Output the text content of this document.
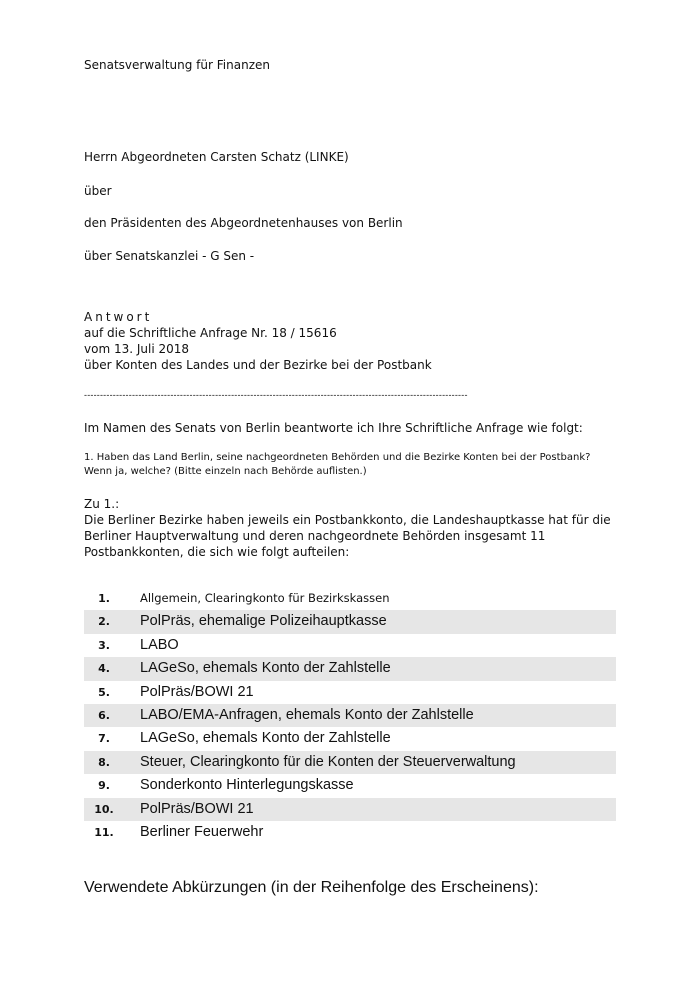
Senatsverwaltung für Finanzen
Herrn Abgeordneten Carsten Schatz (LINKE)
über
den Präsidenten des Abgeordnetenhauses von Berlin
über Senatskanzlei - G Sen -
Antwort
auf die Schriftliche Anfrage Nr. 18 / 15616
vom 13. Juli 2018
über Konten des Landes und der Bezirke bei der Postbank
------------------------------------------------------------------------------------------------------------------------
Im Namen des Senats von Berlin beantworte ich Ihre Schriftliche Anfrage wie folgt:
1. Haben das Land Berlin, seine nachgeordneten Behörden und die Bezirke Konten bei der Postbank? Wenn ja, welche? (Bitte einzeln nach Behörde auflisten.)
Zu 1.:
Die Berliner Bezirke haben jeweils ein Postbankkonto, die Landeshauptkasse hat für die Berliner Hauptverwaltung und deren nachgeordnete Behörden insgesamt 11 Postbankkonten, die sich wie folgt aufteilen:
1.	Allgemein, Clearingkonto für Bezirkskassen
2.	PolPräs, ehemalige Polizeihauptkasse
3.	LABO
4.	LAGeSo, ehemals Konto der Zahlstelle
5.	PolPräs/BOWI 21
6.	LABO/EMA-Anfragen, ehemals Konto der Zahlstelle
7.	LAGeSo, ehemals Konto der Zahlstelle
8.	Steuer, Clearingkonto für die Konten der Steuerverwaltung
9.	Sonderkonto Hinterlegungskasse
10.	PolPräs/BOWI 21
11.	Berliner Feuerwehr
Verwendete Abkürzungen (in der Reihenfolge des Erscheinens):
